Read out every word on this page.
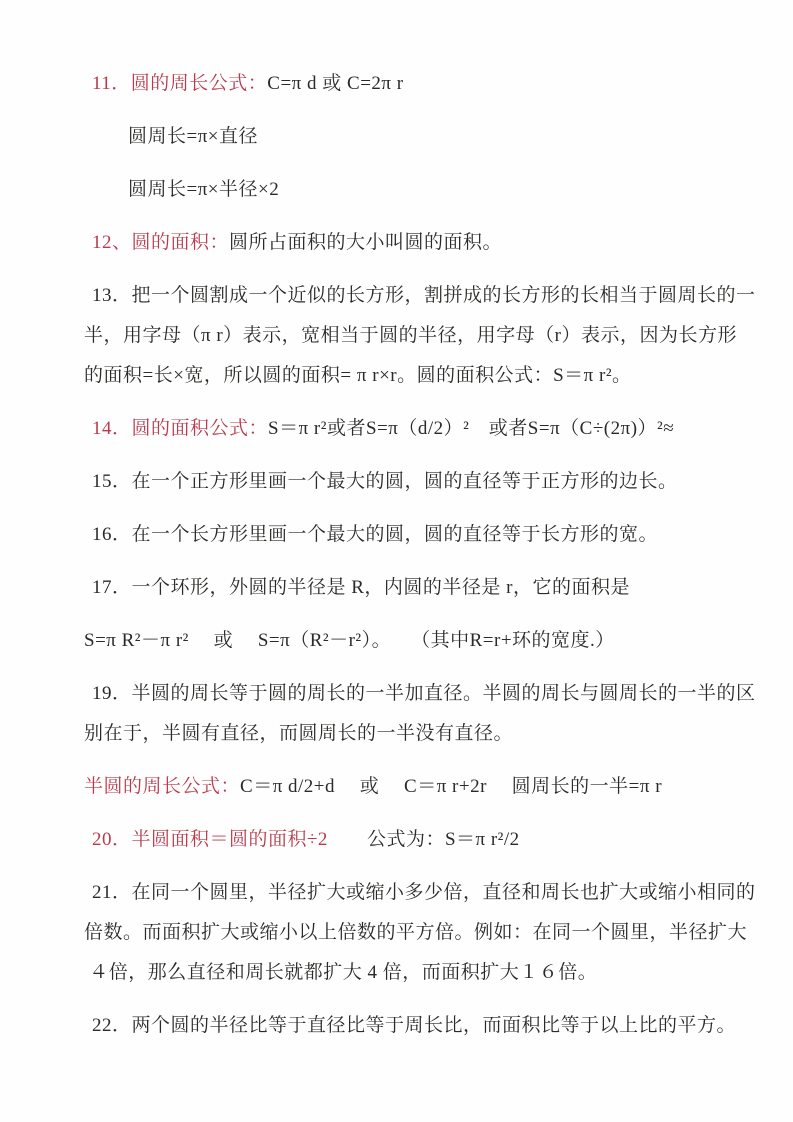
11．圆的周长公式：C=π d 或 C=2π r

圆周长=π×直径

圆周长=π×半径×2

12、圆的面积：圆所占面积的大小叫圆的面积。

13．把一个圆割成一个近似的长方形，割拼成的长方形的长相当于圆周长的一
半，用字母（π r）表示，宽相当于圆的半径，用字母（r）表示，因为长方形
的面积=长×宽，所以圆的面积= π r×r。圆的面积公式：S＝π r²。

14．圆的面积公式：S＝π r²或者S=π（d/2）²　或者S=π（C÷(2π)）²≈

15．在一个正方形里画一个最大的圆，圆的直径等于正方形的边长。

16．在一个长方形里画一个最大的圆，圆的直径等于长方形的宽。

17．一个环形，外圆的半径是 R，内圆的半径是 r，它的面积是

S=π R²－π r²　 或　 S=π（R²－r²）。　　（其中R=r+环的宽度.）

19．半圆的周长等于圆的周长的一半加直径。半圆的周长与圆周长的一半的区
别在于，半圆有直径，而圆周长的一半没有直径。

半圆的周长公式：C＝π d/2+d　 或　 C＝π r+2r　 圆周长的一半=π r

20．半圆面积＝圆的面积÷2　　公式为：S＝π r²/2

21．在同一个圆里，半径扩大或缩小多少倍，直径和周长也扩大或缩小相同的
倍数。而面积扩大或缩小以上倍数的平方倍。例如：在同一个圆里，半径扩大
４倍，那么直径和周长就都扩大 4 倍，而面积扩大１６倍。

22．两个圆的半径比等于直径比等于周长比，而面积比等于以上比的平方。
